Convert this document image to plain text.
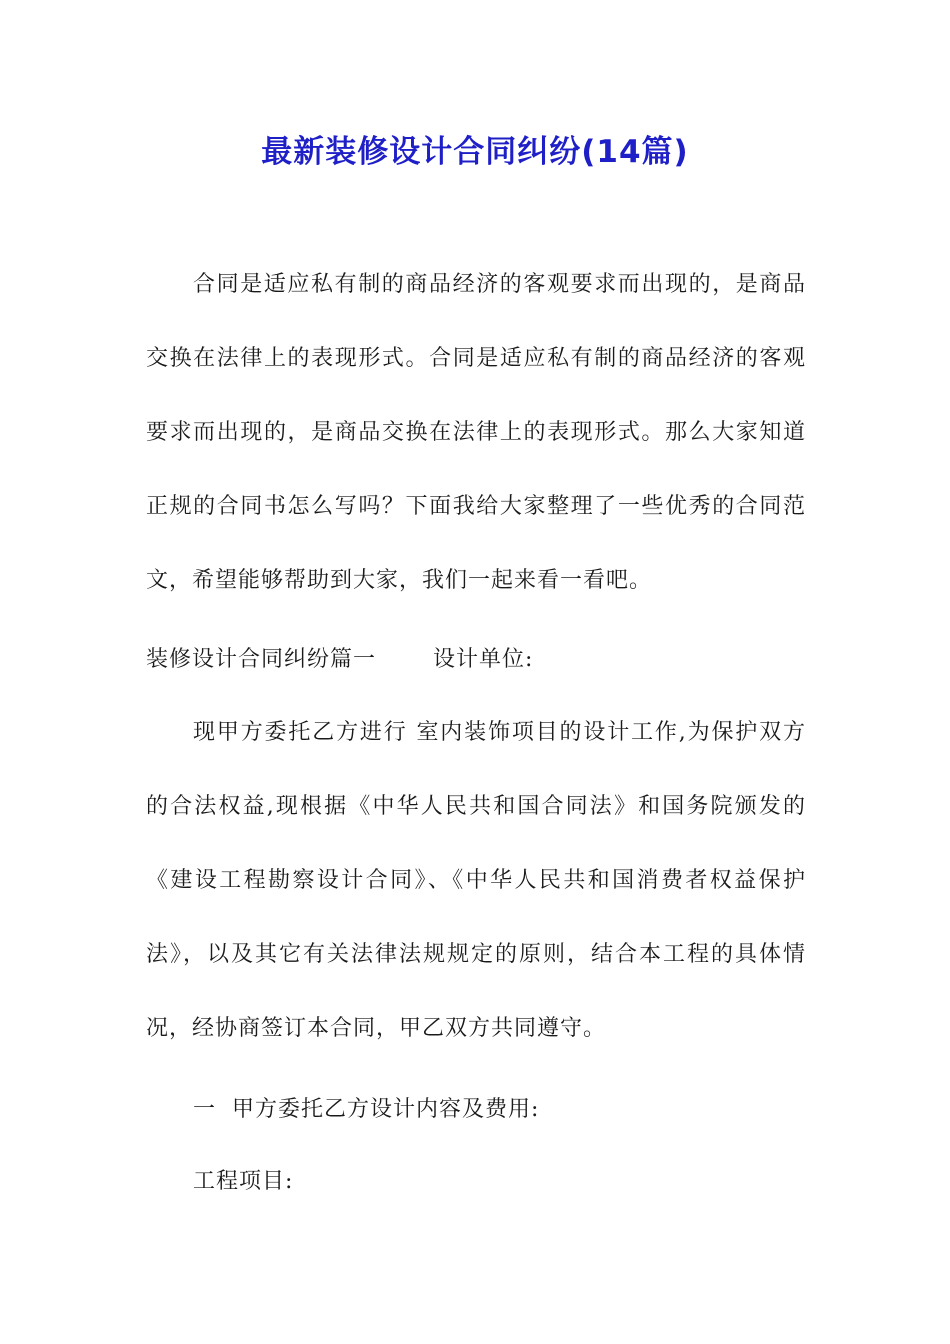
最新装修设计合同纠纷(14篇)
合同是适应私有制的商品经济的客观要求而出现的，是商品交换在法律上的表现形式。合同是适应私有制的商品经济的客观要求而出现的，是商品交换在法律上的表现形式。那么大家知道正规的合同书怎么写吗？下面我给大家整理了一些优秀的合同范文，希望能够帮助到大家，我们一起来看一看吧。
装修设计合同纠纷篇一	设计单位:
现甲方委托乙方进行 室内装饰项目的设计工作,为保护双方的合法权益,现根据《中华人民共和国合同法》和国务院颁发的《建设工程勘察设计合同》、《中华人民共和国消费者权益保护法》，以及其它有关法律法规规定的原则，结合本工程的具体情况，经协商签订本合同，甲乙双方共同遵守。
一  甲方委托乙方设计内容及费用:
工程项目:
